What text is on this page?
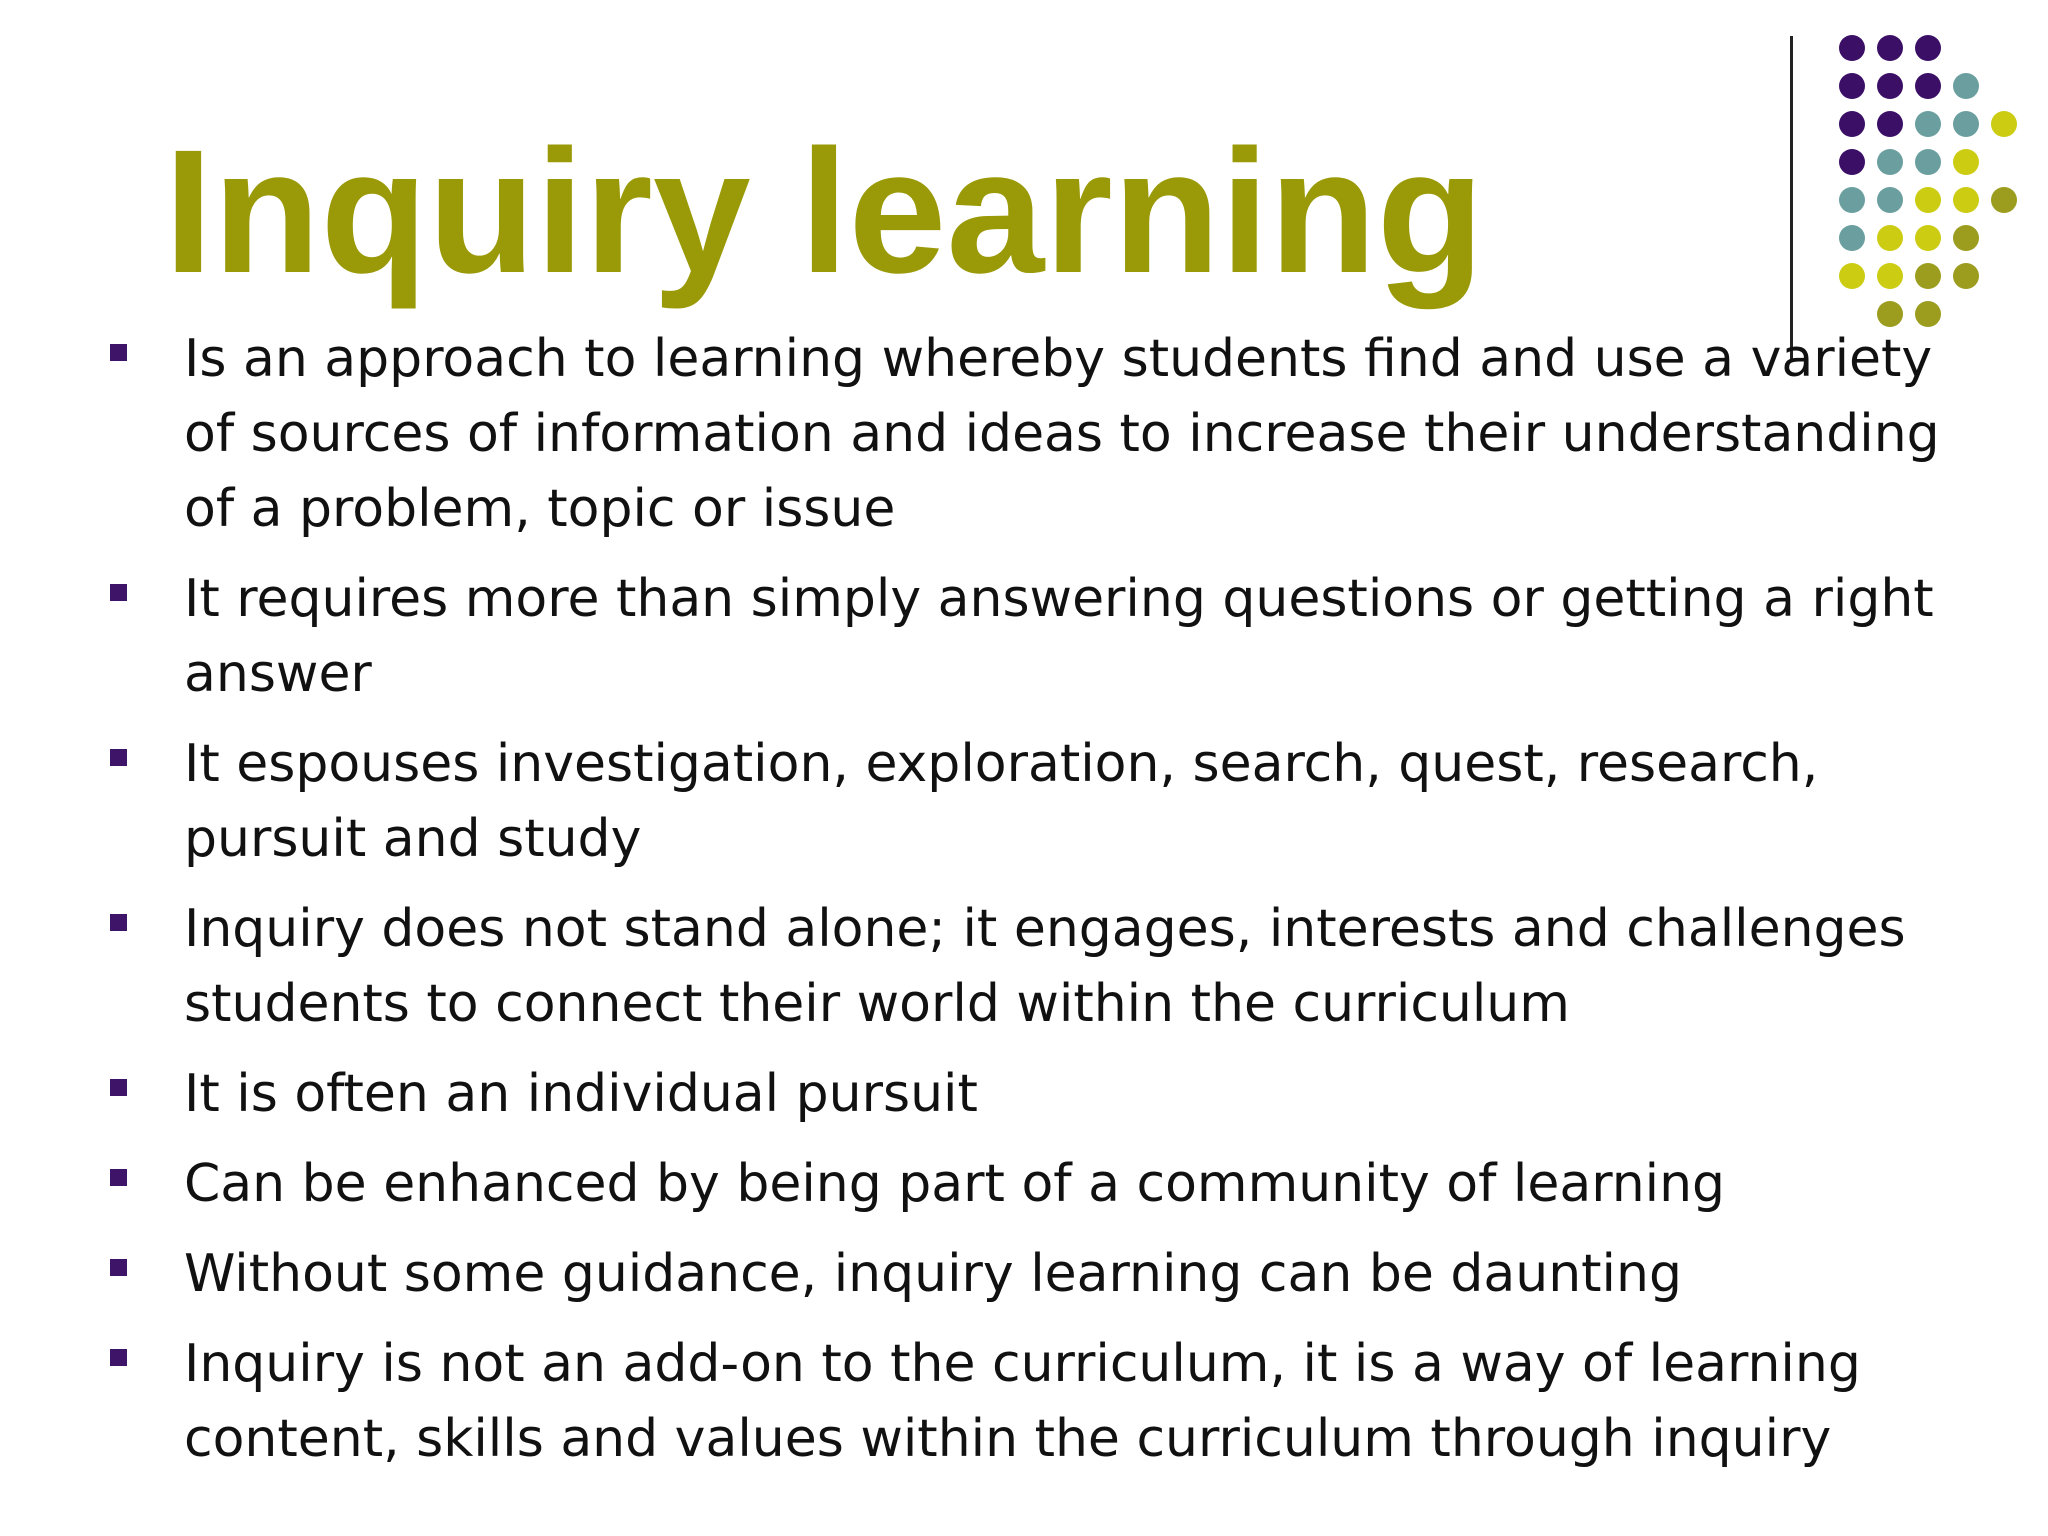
Inquiry learning
Is an approach to learning whereby students find and use a variety of sources of information and ideas to increase their understanding of a problem, topic or issue
It requires more than simply answering questions or getting a right answer
It espouses investigation, exploration, search, quest, research, pursuit and study
Inquiry does not stand alone; it engages, interests and challenges students to connect their world within the curriculum
It is often an individual pursuit
Can be enhanced by being part of a community of learning
Without some guidance, inquiry learning can be daunting
Inquiry is not an add-on to the curriculum, it is a way of learning content, skills and values within the curriculum through inquiry
